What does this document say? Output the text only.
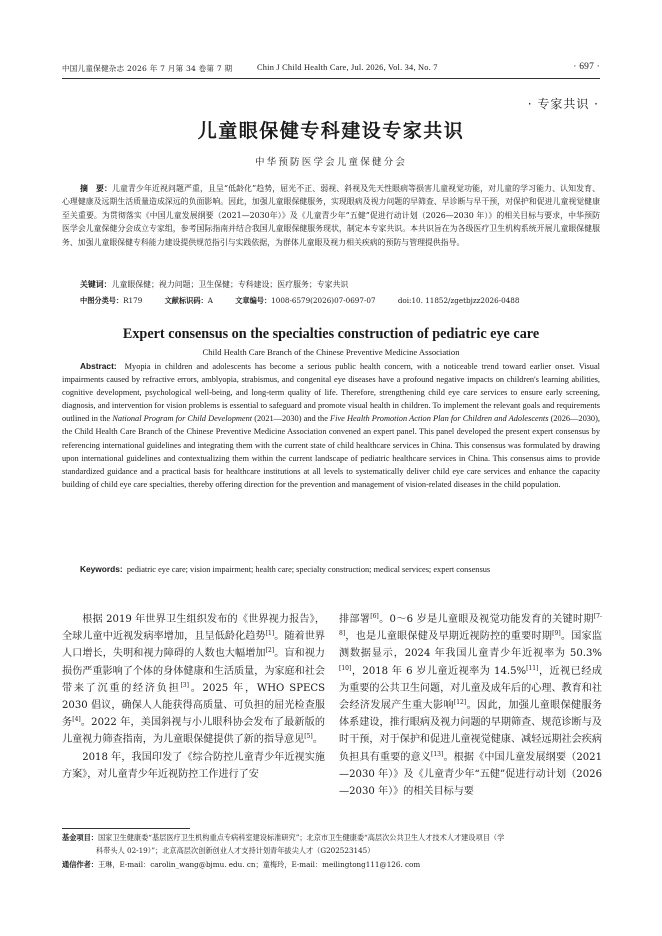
中国儿童保健杂志 2026 年 7 月第 34 卷第 7 期	Chin J Child Health Care, Jul. 2026, Vol. 34, No. 7	· 697 ·
· 专家共识 ·
儿童眼保健专科建设专家共识
中华预防医学会儿童保健分会

摘　要：儿童青少年近视问题严重，且呈“低龄化”趋势，屈光不正、弱视、斜视及先天性眼病等损害儿童视觉功能，对儿童的学习能力、认知发育、心理健康及远期生活质量造成深远的负面影响。因此，加强儿童眼保健服务，实现眼病及视力问题的早筛查、早诊断与早干预，对保护和促进儿童视觉健康至关重要。为贯彻落实《中国儿童发展纲要（2021—2030年）》及《儿童青少年“五健”促进行动计划（2026—2030 年）》的相关目标与要求，中华预防医学会儿童保健分会成立专家组，参考国际指南并结合我国儿童眼保健服务现状，制定本专家共识。本共识旨在为各级医疗卫生机构系统开展儿童眼保健服务、加强儿童眼保健专科能力建设提供规范指引与实践依据，为群体儿童眼及视力相关疾病的预防与管理提供指导。

关键词：儿童眼保健；视力问题；卫生保健；专科建设；医疗服务；专家共识
中图分类号：R179	文献标识码：A	文章编号：1008-6579(2026)07-0697-07	doi:10. 11852/zgetbjzz2026-0488
Expert consensus on the specialties construction of pediatric eye care
Child Health Care Branch of the Chinese Preventive Medicine Association

Abstract: Myopia in children and adolescents has become a serious public health concern, with a noticeable trend toward earlier onset. Visual impairments caused by refractive errors, amblyopia, strabismus, and congenital eye diseases have a profound negative impacts on children's learning abilities, cognitive development, psychological well-being, and long-term quality of life. Therefore, strengthening child eye care services to ensure early screening, diagnosis, and intervention for vision problems is essential to safeguard and promote visual health in children. To implement the relevant goals and requirements outlined in the National Program for Child Development (2021—2030) and the Five Health Promotion Action Plan for Children and Adolescents (2026—2030), the Child Health Care Branch of the Chinese Preventive Medicine Association convened an expert panel. This panel developed the present expert consensus by referencing international guidelines and integrating them with the current state of child healthcare services in China. This consensus was formulated by drawing upon international guidelines and contextualizing them within the current landscape of pediatric healthcare services in China. This consensus aims to provide standardized guidance and a practical basis for healthcare institutions at all levels to systematically deliver child eye care services and enhance the capacity building of child eye care specialties, thereby offering direction for the prevention and management of vision-related diseases in the child population.

Keywords: pediatric eye care; vision impairment; health care; specialty construction; medical services; expert consensus

根据 2019 年世界卫生组织发布的《世界视力报告》，全球儿童中近视发病率增加，且呈低龄化趋势[1]。随着世界人口增长，失明和视力障碍的人数也大幅增加[2]。盲和视力损伤严重影响了个体的身体健康和生活质量，为家庭和社会带来了沉重的经济负担[3]。2025 年，WHO SPECS 2030 倡议，确保人人能获得高质量、可负担的屈光检查服务[4]。2022 年，美国斜视与小儿眼科协会发布了最新版的儿童视力筛查指南，为儿童眼保健提供了新的指导意见[5]。

2018 年，我国印发了《综合防控儿童青少年近视实施方案》，对儿童青少年近视防控工作进行了安

排部署[6]。0～6 岁是儿童眼及视觉功能发育的关键时期[7-8]，也是儿童眼保健及早期近视防控的重要时期[9]。国家监测数据显示，2024 年我国儿童青少年近视率为 50.3%[10]，2018 年 6 岁儿童近视率为 14.5%[11]，近视已经成为重要的公共卫生问题，对儿童及成年后的心理、教育和社会经济发展产生重大影响[12]。因此，加强儿童眼保健服务体系建设，推行眼病及视力问题的早期筛查、规范诊断与及时干预，对于保护和促进儿童视觉健康、减轻远期社会疾病负担具有重要的意义[13]。根据《中国儿童发展纲要（2021—2030 年）》及《儿童青少年“五健”促进行动计划（2026—2030 年）》的相关目标与要

基金项目：国家卫生健康委“基层医疗卫生机构重点专病科室建设标准研究”；北京市卫生健康委“高层次公共卫生人才技术人才建设项目（学
科带头人 02-19）”；北京高层次创新创业人才支持计划青年拔尖人才（G202523145）
通信作者：王琳，E-mail：carolin_wang@bjmu. edu. cn；童梅玲，E-mail：meilingtong111@126. com
